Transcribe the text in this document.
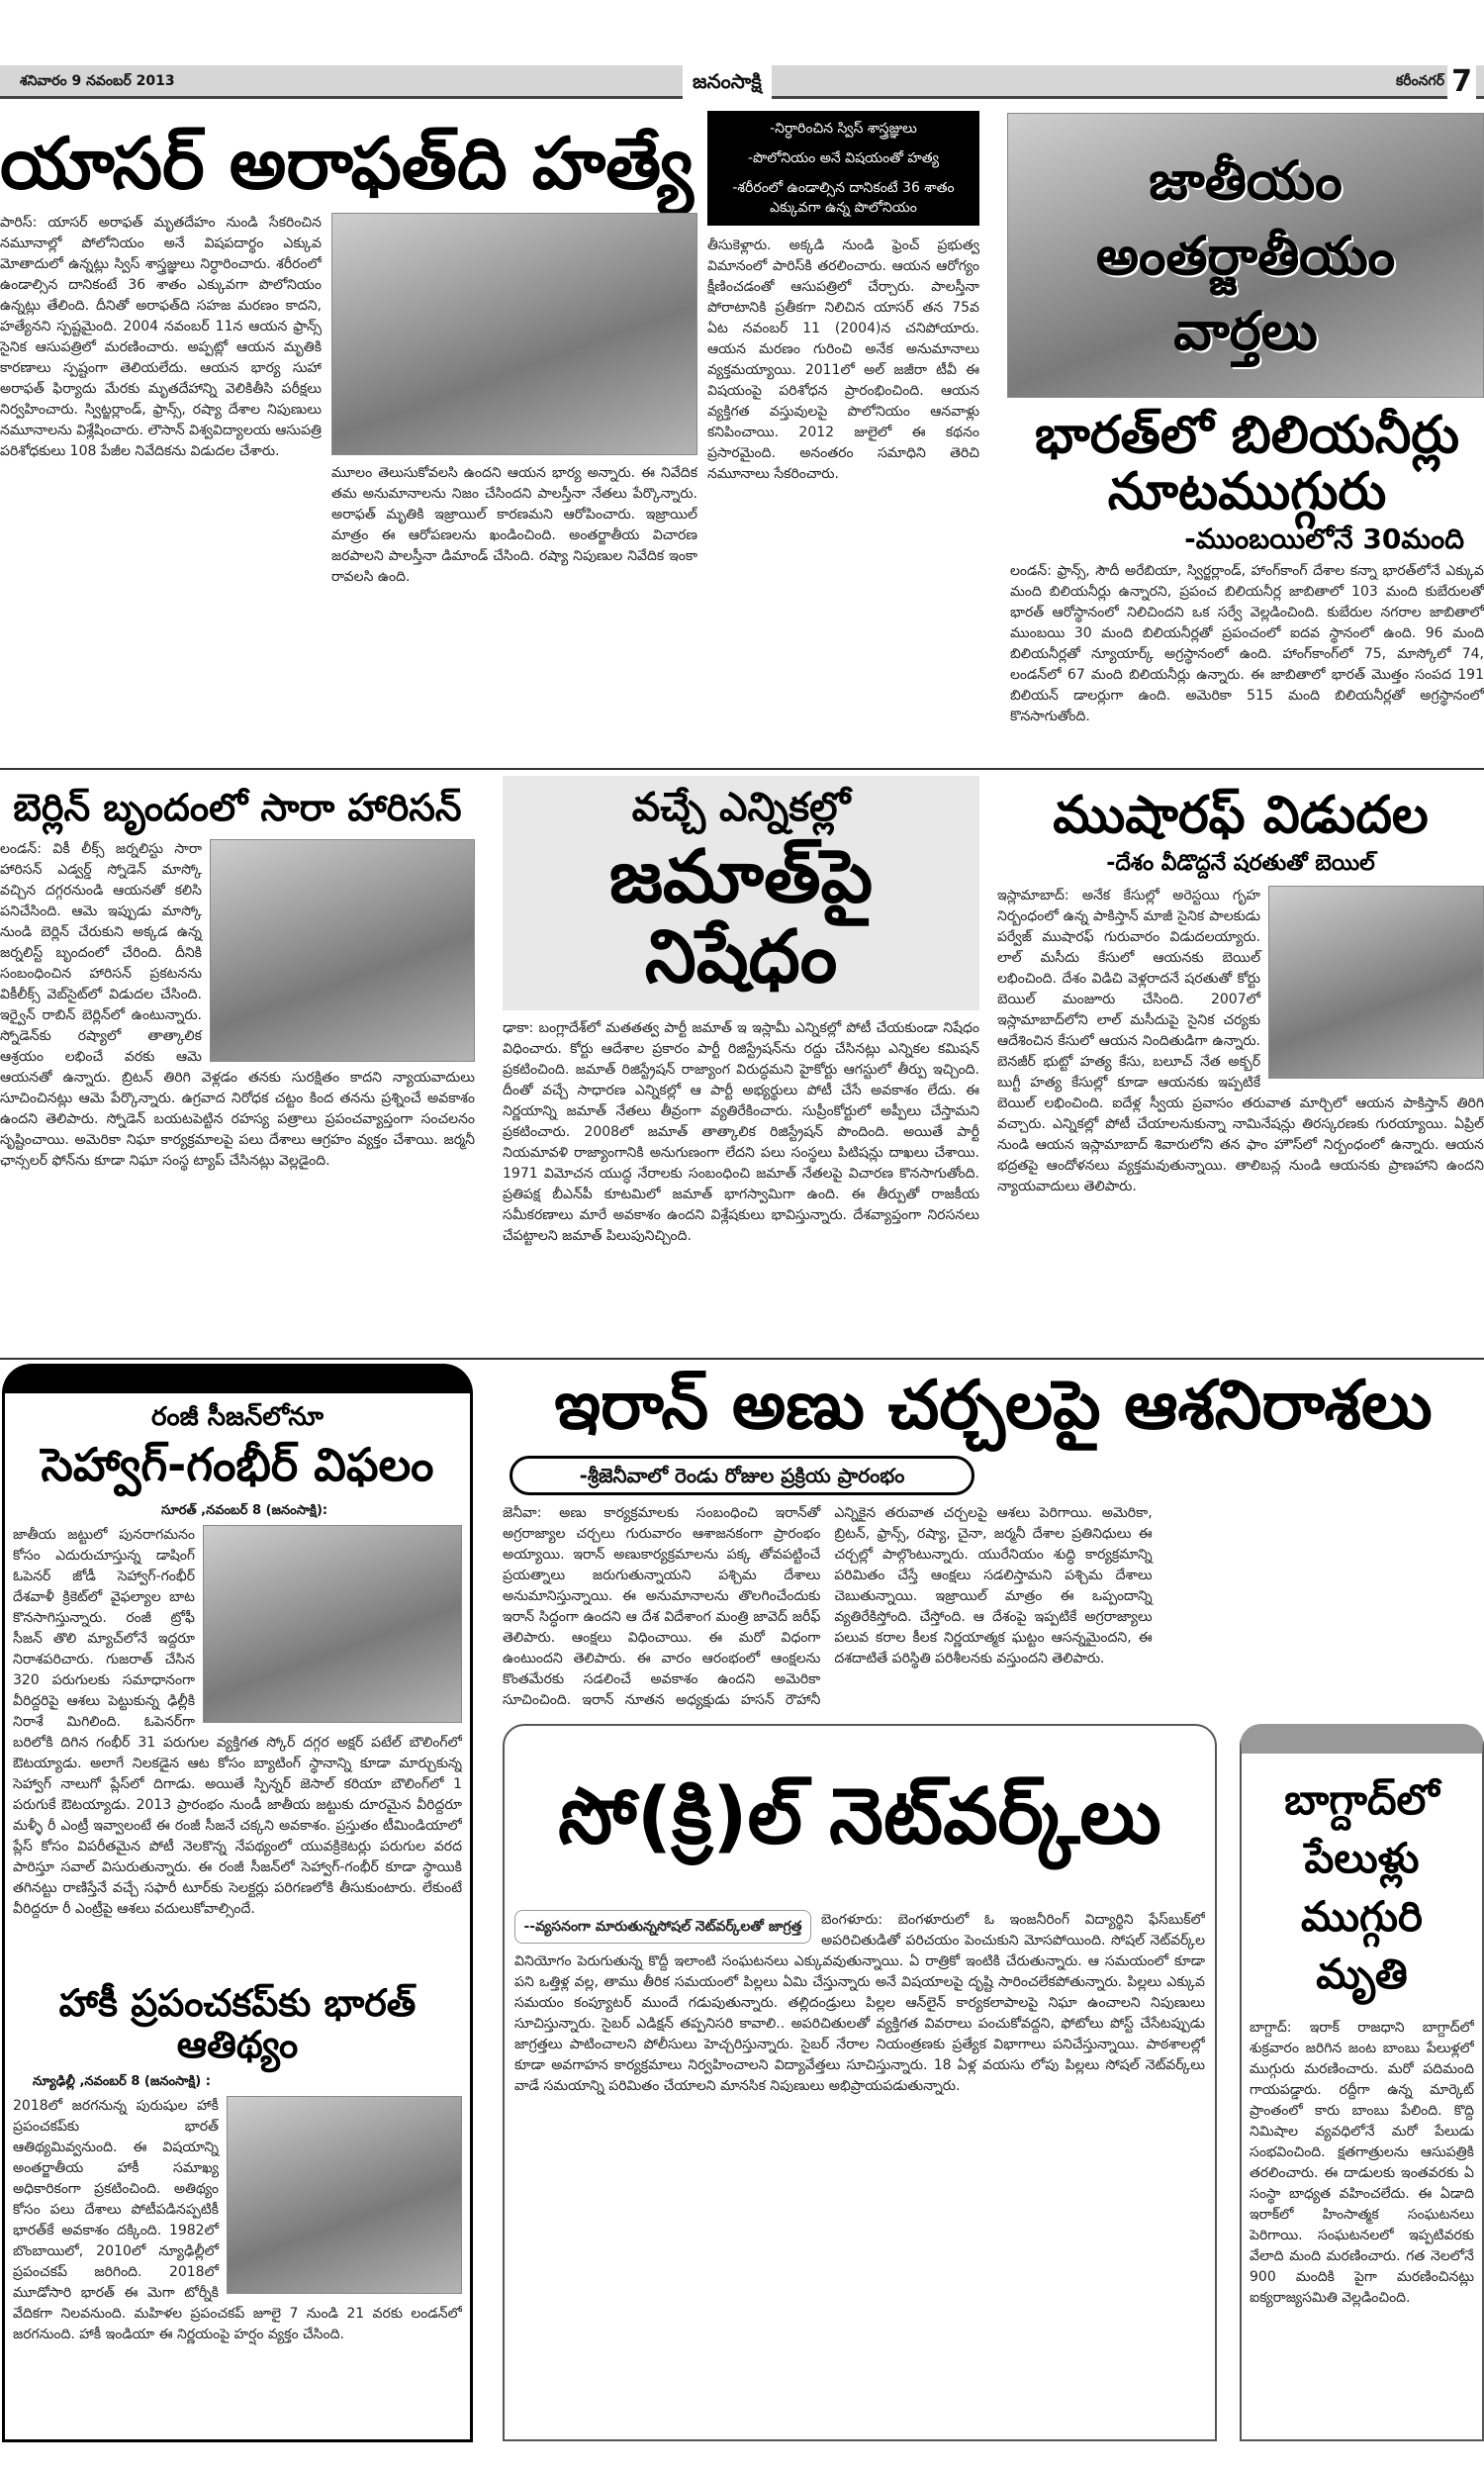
శనివారం 9 నవంబర్ 2013	జనంసాక్షి	కరీంనగర్ 7
యాసర్ అరాఫత్‌ది హత్యే
పారిస్: యాసర్ అరాఫత్ మృతదేహం నుండి సేకరించిన నమూనాల్లో పోలోనియం అనే విషపదార్థం ఎక్కువ మోతాదులో ఉన్నట్లు స్విస్ శాస్త్రజ్ఞులు నిర్ధారించారు. శరీరంలో ఉండాల్సిన దానికంటే 36 శాతం ఎక్కువగా పొలోనియం ఉన్నట్లు తేలింది. దీనితో అరాఫత్‌ది సహజ మరణం కాదని, హత్యేనని స్పష్టమైంది. 2004 నవంబర్ 11న ఆయన ఫ్రాన్స్ సైనిక ఆసుపత్రిలో మరణించారు. అప్పట్లో ఆయన మృతికి కారణాలు స్పష్టంగా తెలియలేదు. ఆయన భార్య సుహా అరాఫత్ ఫిర్యాదు మేరకు మృతదేహాన్ని వెలికితీసి పరీక్షలు నిర్వహించారు. స్విట్జర్లాండ్, ఫ్రాన్స్, రష్యా దేశాల నిపుణులు నమూనాలను విశ్లేషించారు. లౌసాన్ విశ్వవిద్యాలయ ఆసుపత్రి పరిశోధకులు 108 పేజీల నివేదికను విడుదల చేశారు.
మూలం తెలుసుకోవలసి ఉందని ఆయన భార్య అన్నారు. ఈ నివేదిక తమ అనుమానాలను నిజం చేసిందని పాలస్తీనా నేతలు పేర్కొన్నారు. అరాఫత్ మృతికి ఇజ్రాయిల్ కారణమని ఆరోపించారు. ఇజ్రాయిల్ మాత్రం ఈ ఆరోపణలను ఖండించింది. అంతర్జాతీయ విచారణ జరపాలని పాలస్తీనా డిమాండ్ చేసింది. రష్యా నిపుణుల నివేదిక ఇంకా రావలసి ఉంది.
-నిర్ధారించిన స్విస్ శాస్త్రజ్ఞులు
-పొలోనియం అనే విషయంతో హత్య
-శరీరంలో ఉండాల్సిన దానికంటే 36 శాతం ఎక్కువగా ఉన్న పొలోనియం
తీసుకెళ్లారు. అక్కడి నుండి ఫ్రెంచ్ ప్రభుత్వ విమానంలో పారిస్‌కి తరలించారు. ఆయన ఆరోగ్యం క్షీణించడంతో ఆసుపత్రిలో చేర్చారు. పాలస్తీనా పోరాటానికి ప్రతీకగా నిలిచిన యాసర్ తన 75వ ఏట నవంబర్ 11 (2004)న చనిపోయారు. ఆయన మరణం గురించి అనేక అనుమానాలు వ్యక్తమయ్యాయి. 2011లో అల్ జజీరా టీవీ ఈ విషయంపై పరిశోధన ప్రారంభించింది. ఆయన వ్యక్తిగత వస్తువులపై పొలోనియం ఆనవాళ్లు కనిపించాయి. 2012 జులైలో ఈ కథనం ప్రసారమైంది. అనంతరం సమాధిని తెరిచి నమూనాలు సేకరించారు.
జాతీయం
అంతర్జాతీయం
వార్తలు
భారత్‌లో బిలియనీర్లు నూటముగ్గురు
-ముంబయిలోనే 30మంది
లండన్: ఫ్రాన్స్, సౌదీ అరేబియా, స్విర్జర్లాండ్, హాంగ్‌కాంగ్ దేశాల కన్నా భారత్‌లోనే ఎక్కువ మంది బిలియనీర్లు ఉన్నారని, ప్రపంచ బిలియనీర్ల జాబితాలో 103 మంది కుబేరులతో భారత్ ఆరోస్థానంలో నిలిచిందని ఒక సర్వే వెల్లడించింది. కుబేరుల నగరాల జాబితాలో ముంబయి 30 మంది బిలియనీర్లతో ప్రపంచంలో ఐదవ స్థానంలో ఉంది. 96 మంది బిలియనీర్లతో న్యూయార్క్ అగ్రస్థానంలో ఉంది. హాంగ్‌కాంగ్‌లో 75, మాస్కోలో 74, లండన్‌లో 67 మంది బిలియనీర్లు ఉన్నారు. ఈ జాబితాలో భారత్ మొత్తం సంపద 191 బిలియన్ డాలర్లుగా ఉంది. అమెరికా 515 మంది బిలియనీర్లతో అగ్రస్థానంలో కొనసాగుతోంది.
బెర్లిన్ బృందంలో సారా హారిసన్
లండన్: వికీ లీక్స్ జర్నలిస్టు సారా హారిసన్ ఎడ్వర్డ్ స్నోడెన్ మాస్కో వచ్చిన దగ్గరనుండి ఆయనతో కలిసి పనిచేసింది. ఆమె ఇప్పుడు మాస్కో నుండి బెర్లిన్ చేరుకుని అక్కడ ఉన్న జర్నలిస్ట్ బృందంలో చేరింది. దీనికి సంబంధించిన హారిసన్ ప్రకటనను వికీలీక్స్ వెబ్‌సైట్‌లో విడుదల చేసింది. ఇర్వైన్ రాబిన్ బెర్లిన్‌లో ఉంటున్నారు. స్నోడెన్‌కు రష్యాలో తాత్కాలిక ఆశ్రయం లభించే వరకు ఆమె ఆయనతో ఉన్నారు. బ్రిటన్ తిరిగి వెళ్లడం తనకు సురక్షితం కాదని న్యాయవాదులు సూచించినట్లు ఆమె పేర్కొన్నారు. ఉగ్రవాద నిరోధక చట్టం కింద తనను ప్రశ్నించే అవకాశం ఉందని తెలిపారు. స్నోడెన్ బయటపెట్టిన రహస్య పత్రాలు ప్రపంచవ్యాప్తంగా సంచలనం సృష్టించాయి. అమెరికా నిఘా కార్యక్రమాలపై పలు దేశాలు ఆగ్రహం వ్యక్తం చేశాయి. జర్మనీ ఛాన్సలర్ ఫోన్‌ను కూడా నిఘా సంస్థ ట్యాప్ చేసినట్లు వెల్లడైంది.
వచ్చే ఎన్నికల్లో
జమాత్‌పై నిషేధం
ఢాకా: బంగ్లాదేశ్‌లో మతతత్వ పార్టీ జమాత్ ఇ ఇస్లామీ ఎన్నికల్లో పోటీ చేయకుండా నిషేధం విధించారు. కోర్టు ఆదేశాల ప్రకారం పార్టీ రిజిస్ట్రేషన్‌ను రద్దు చేసినట్లు ఎన్నికల కమిషన్ ప్రకటించింది. జమాత్ రిజిస్ట్రేషన్ రాజ్యాంగ విరుద్ధమని హైకోర్టు ఆగస్టులో తీర్పు ఇచ్చింది. దీంతో వచ్చే సాధారణ ఎన్నికల్లో ఆ పార్టీ అభ్యర్థులు పోటీ చేసే అవకాశం లేదు. ఈ నిర్ణయాన్ని జమాత్ నేతలు తీవ్రంగా వ్యతిరేకించారు. సుప్రీంకోర్టులో అప్పీలు చేస్తామని ప్రకటించారు. 2008లో జమాత్ తాత్కాలిక రిజిస్ట్రేషన్ పొందింది. అయితే పార్టీ నియమావళి రాజ్యాంగానికి అనుగుణంగా లేదని పలు సంస్థలు పిటిషన్లు దాఖలు చేశాయి. 1971 విమోచన యుద్ధ నేరాలకు సంబంధించి జమాత్ నేతలపై విచారణ కొనసాగుతోంది. ప్రతిపక్ష బీఎన్‌పీ కూటమిలో జమాత్ భాగస్వామిగా ఉంది. ఈ తీర్పుతో రాజకీయ సమీకరణాలు మారే అవకాశం ఉందని విశ్లేషకులు భావిస్తున్నారు. దేశవ్యాప్తంగా నిరసనలు చేపట్టాలని జమాత్ పిలుపునిచ్చింది.
ముషారఫ్ విడుదల
-దేశం వీడొద్దనే షరతుతో బెయిల్
ఇస్లామాబాద్: అనేక కేసుల్లో అరెస్టయి గృహ నిర్బంధంలో ఉన్న పాకిస్తాన్ మాజీ సైనిక పాలకుడు పర్వేజ్ ముషారఫ్ గురువారం విడుదలయ్యారు. లాల్ మసీదు కేసులో ఆయనకు బెయిల్ లభించింది. దేశం విడిచి వెళ్లరాదనే షరతుతో కోర్టు బెయిల్ మంజూరు చేసింది. 2007లో ఇస్లామాబాద్‌లోని లాల్ మసీదుపై సైనిక చర్యకు ఆదేశించిన కేసులో ఆయన నిందితుడిగా ఉన్నారు. బెనజీర్ భుట్టో హత్య కేసు, బలూచ్ నేత అక్బర్ బుగ్టీ హత్య కేసుల్లో కూడా ఆయనకు ఇప్పటికే బెయిల్ లభించింది. ఐదేళ్ల స్వీయ ప్రవాసం తరువాత మార్చిలో ఆయన పాకిస్తాన్ తిరిగి వచ్చారు. ఎన్నికల్లో పోటీ చేయాలనుకున్నా నామినేషన్లు తిరస్కరణకు గురయ్యాయి. ఏప్రిల్ నుండి ఆయన ఇస్లామాబాద్ శివారులోని తన ఫాం హౌస్‌లో నిర్బంధంలో ఉన్నారు. ఆయన భద్రతపై ఆందోళనలు వ్యక్తమవుతున్నాయి. తాలిబన్ల నుండి ఆయనకు ప్రాణహాని ఉందని న్యాయవాదులు తెలిపారు.
రంజీ సీజన్‌లోనూ
సెహ్వాగ్-గంభీర్ విఫలం
సూరత్ ,నవంబర్ 8 (జనంసాక్షి):
జాతీయ జట్టులో పునరాగమనం కోసం ఎదురుచూస్తున్న డాషింగ్ ఓపెనర్ జోడీ సెహ్వాగ్-గంభీర్ దేశవాళీ క్రికెట్‌లో వైఫల్యాల బాట కొనసాగిస్తున్నారు. రంజీ ట్రోఫీ సీజన్ తొలి మ్యాచ్‌లోనే ఇద్దరూ నిరాశపరిచారు. గుజరాత్ చేసిన 320 పరుగులకు సమాధానంగా వీరిద్దరిపై ఆశలు పెట్టుకున్న ఢిల్లీకి నిరాశే మిగిలింది. ఓపెనర్‌గా బరిలోకి దిగిన గంభీర్ 31 పరుగుల వ్యక్తిగత స్కోర్ దగ్గర అక్షర్ పటేల్ బౌలింగ్‌లో ఔటయ్యాడు. అలాగే నిలకడైన ఆట కోసం బ్యాటింగ్ స్థానాన్ని కూడా మార్చుకున్న సెహ్వాగ్ నాలుగో ప్లేస్‌లో దిగాడు. అయితే స్పిన్నర్ జెసాల్ కరియా బౌలింగ్‌లో 1 పరుగుకే ఔటయ్యాడు. 2013 ప్రారంభం నుండీ జాతీయ జట్టుకు దూరమైన వీరిద్దరూ మళ్ళీ రీ ఎంట్రీ ఇవ్వాలంటే ఈ రంజీ సీజనే చక్కని అవకాశం. ప్రస్తుతం టీమిండియాలో ప్లేస్ కోసం విపరీతమైన పోటీ నెలకొన్న నేపథ్యంలో యువక్రికెటర్లు పరుగుల వరద పారిస్తూ సవాల్ విసురుతున్నారు. ఈ రంజీ సీజన్‌లో సెహ్వాగ్-గంభీర్ కూడా స్థాయికి తగినట్టు రాణిస్తేనే వచ్చే సఫారీ టూర్‌కు సెలక్టర్లు పరిగణలోకి తీసుకుంటారు. లేకుంటే వీరిద్దరూ రీ ఎంట్రీపై ఆశలు వదులుకోవాల్సిందే.
హాకీ ప్రపంచకప్‌కు భారత్ ఆతిథ్యం
న్యూఢిల్లీ ,నవంబర్ 8 (జనంసాక్షి) :
2018లో జరగనున్న పురుషుల హాకీ ప్రపంచకప్‌కు భారత్ ఆతిథ్యమివ్వనుంది. ఈ విషయాన్ని అంతర్జాతీయ హాకీ సమాఖ్య అధికారికంగా ప్రకటించింది. అతిథ్యం కోసం పలు దేశాలు పోటీపడినప్పటికీ భారత్‌కే అవకాశం దక్కింది. 1982లో బొంబాయిలో, 2010లో న్యూఢిల్లీలో ప్రపంచకప్ జరిగింది. 2018లో మూడోసారి భారత్ ఈ మెగా టోర్నీకి వేదికగా నిలవనుంది. మహిళల ప్రపంచకప్ జూలై 7 నుండి 21 వరకు లండన్‌లో జరగనుంది. హాకీ ఇండియా ఈ నిర్ణయంపై హర్షం వ్యక్తం చేసింది.
ఇరాన్ అణు చర్చలపై ఆశనిరాశలు
-శ్రీజెనీవాలో రెండు రోజుల ప్రక్రియ ప్రారంభం
జెనీవా: అణు కార్యక్రమాలకు సంబంధించి ఇరాన్‌తో అగ్రరాజ్యాల చర్చలు గురువారం ఆశాజనకంగా ప్రారంభం అయ్యాయి. ఇరాన్ అణుకార్యక్రమాలను పక్క తోవపట్టించే ప్రయత్నాలు జరుగుతున్నాయని పశ్చిమ దేశాలు అనుమానిస్తున్నాయి. ఈ అనుమానాలను తొలగించేందుకు ఇరాన్ సిద్ధంగా ఉందని ఆ దేశ విదేశాంగ మంత్రి జావెద్ జరీఫ్ తెలిపారు. ఆంక్షలు విధించాయి. ఈ మరో విధంగా ఉంటుందని తెలిపారు. ఈ వారం ఆరంభంలో ఆంక్షలను కొంతమేరకు సడలించే అవకాశం ఉందని అమెరికా సూచించింది. ఇరాన్ నూతన అధ్యక్షుడు హసన్ రౌహానీ ఎన్నికైన తరువాత చర్చలపై ఆశలు పెరిగాయి. అమెరికా, బ్రిటన్, ఫ్రాన్స్, రష్యా, చైనా, జర్మనీ దేశాల ప్రతినిధులు ఈ చర్చల్లో పాల్గొంటున్నారు. యురేనియం శుద్ధి కార్యక్రమాన్ని పరిమితం చేస్తే ఆంక్షలు సడలిస్తామని పశ్చిమ దేశాలు చెబుతున్నాయి. ఇజ్రాయిల్ మాత్రం ఈ ఒప్పందాన్ని వ్యతిరేకిస్తోంది. చేస్తోంది. ఆ దేశంపై ఇప్పటికే అగ్రరాజ్యాలు పలువ కరాల కీలక నిర్ణయాత్మక ఘట్టం ఆసన్నమైందని, ఈ దశదాటితే పరిస్థితి పరిశీలనకు వస్తుందని తెలిపారు.
సో(క్రి)ల్ నెట్‌వర్క్‌లు
--వ్యసనంగా మారుతున్నసోషల్ నెట్‌వర్క్‌లతో జాగ్రత్త	బెంగళూరు: బెంగళూరులో ఓ ఇంజనీరింగ్ విద్యార్థిని ఫేస్‌బుక్‌లో అపరిచితుడితో పరిచయం పెంచుకుని మోసపోయింది. సోషల్ నెట్‌వర్క్‌ల వినియోగం పెరుగుతున్న కొద్దీ ఇలాంటి సంఘటనలు ఎక్కువవుతున్నాయి. ఏ రాత్రికో ఇంటికి చేరుతున్నారు. ఆ సమయంలో కూడా పని ఒత్తిళ్ల వల్ల, తాము తీరిక సమయంలో పిల్లలు ఏమి చేస్తున్నారు అనే విషయాలపై దృష్టి సారించలేకపోతున్నారు. పిల్లలు ఎక్కువ సమయం కంప్యూటర్ ముందే గడుపుతున్నారు. తల్లిదండ్రులు పిల్లల ఆన్‌లైన్ కార్యకలాపాలపై నిఘా ఉంచాలని నిపుణులు సూచిస్తున్నారు. సైబర్ ఎడిక్షన్ తప్పనిసరి కావాలి.. అపరిచితులతో వ్యక్తిగత వివరాలు పంచుకోవద్దని, ఫోటోలు పోస్ట్ చేసేటప్పుడు జాగ్రత్తలు పాటించాలని పోలీసులు హెచ్చరిస్తున్నారు. సైబర్ నేరాల నియంత్రణకు ప్రత్యేక విభాగాలు పనిచేస్తున్నాయి. పాఠశాలల్లో కూడా అవగాహన కార్యక్రమాలు నిర్వహించాలని విద్యావేత్తలు సూచిస్తున్నారు. 18 ఏళ్ల వయసు లోపు పిల్లలు సోషల్ నెట్‌వర్క్‌లు వాడే సమయాన్ని పరిమితం చేయాలని మానసిక నిపుణులు అభిప్రాయపడుతున్నారు.
బాగ్దాద్‌లో పేలుళ్లు ముగ్గురి మృతి
బాగ్దాద్: ఇరాక్ రాజధాని బాగ్దాద్‌లో శుక్రవారం జరిగిన జంట బాంబు పేలుళ్లలో ముగ్గురు మరణించారు. మరో పదిమంది గాయపడ్డారు. రద్దీగా ఉన్న మార్కెట్ ప్రాంతంలో కారు బాంబు పేలింది. కొద్ది నిమిషాల వ్యవధిలోనే మరో పేలుడు సంభవించింది. క్షతగాత్రులను ఆసుపత్రికి తరలించారు. ఈ దాడులకు ఇంతవరకు ఏ సంస్థా బాధ్యత వహించలేదు. ఈ ఏడాది ఇరాక్‌లో హింసాత్మక సంఘటనలు పెరిగాయి. సంఘటనలలో ఇప్పటివరకు వేలాది మంది మరణించారు. గత నెలలోనే 900 మందికి పైగా మరణించినట్లు ఐక్యరాజ్యసమితి వెల్లడించింది.
